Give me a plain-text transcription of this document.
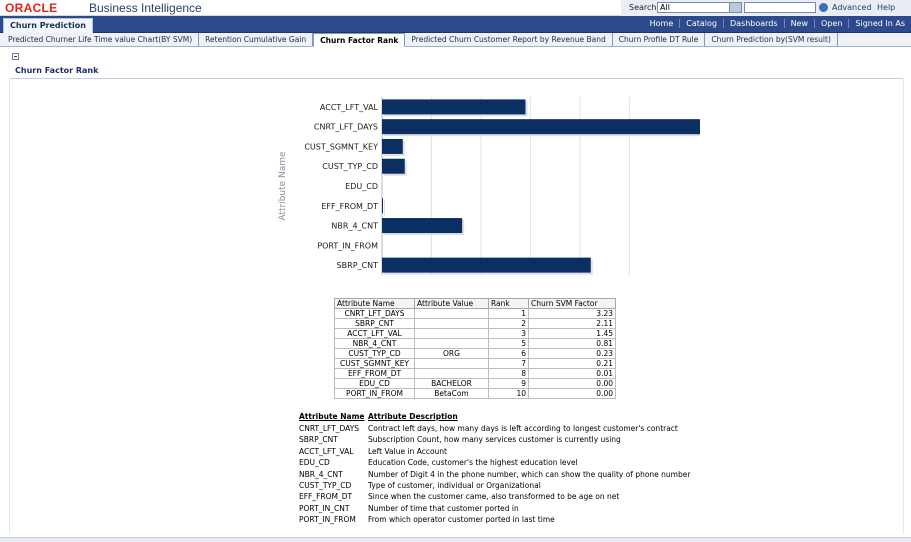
ORACLE	Business Intelligence	Search All	Advanced Help
Churn Prediction	Home	Catalog	Dashboards	New	Open	Signed In As
Predicted Churner Life Time value Chart(BY SVM)	Retention Cumulative Gain	Churn Factor Rank	Predicted Churn Customer Report by Revenue Band	Churn Profile DT Rule	Churn Prediction by(SVM result)
Churn Factor Rank
ACCT_LFT_VAL
CNRT_LFT_DAYS
CUST_SGMNT_KEY
CUST_TYP_CD
EDU_CD
EFF_FROM_DT
NBR_4_CNT
PORT_IN_FROM
SBRP_CNT
Attribute Name
Attribute Name	Attribute Value	Rank	Churn SVM Factor
CNRT_LFT_DAYS		1	3.23
SBRP_CNT		2	2.11
ACCT_LFT_VAL		3	1.45
NBR_4_CNT		5	0.81
CUST_TYP_CD	ORG	6	0.23
CUST_SGMNT_KEY		7	0.21
EFF_FROM_DT		8	0.01
EDU_CD	BACHELOR	9	0.00
PORT_IN_FROM	BetaCom	10	0.00
Attribute Name Attribute Description
CNRT_LFT_DAYS	Contract left days, how many days is left according to longest customer's contract
SBRP_CNT	Subscription Count, how many services customer is currently using
ACCT_LFT_VAL	Left Value in Account
EDU_CD	Education Code, customer's the highest education level
NBR_4_CNT	Number of Digit 4 in the phone number, which can show the quality of phone number
CUST_TYP_CD	Type of customer, individual or Organizational
EFF_FROM_DT	Since when the customer came, also transformed to be age on net
PORT_IN_CNT	Number of time that customer ported in
PORT_IN_FROM	From which operator customer ported in last time
